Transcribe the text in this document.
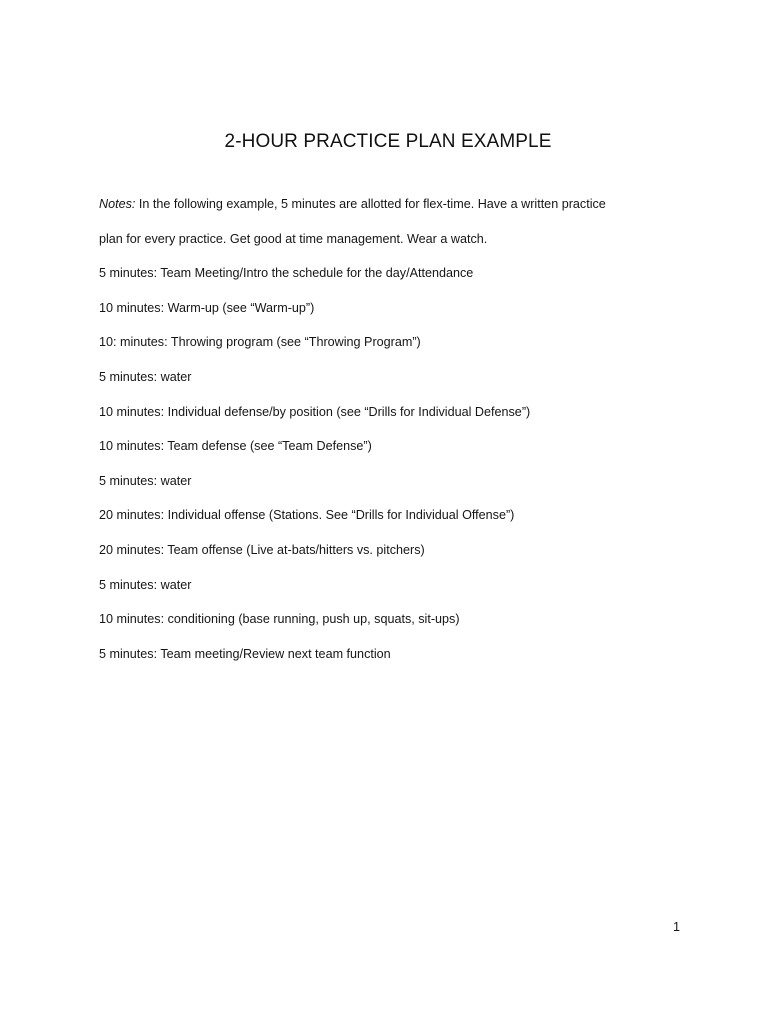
2-HOUR PRACTICE PLAN EXAMPLE
Notes: In the following example, 5 minutes are allotted for flex-time. Have a written practice
plan for every practice. Get good at time management. Wear a watch.
5 minutes: Team Meeting/Intro the schedule for the day/Attendance
10 minutes: Warm-up (see “Warm-up”)
10: minutes: Throwing program (see “Throwing Program”)
5 minutes: water
10 minutes: Individual defense/by position (see “Drills for Individual Defense”)
10 minutes: Team defense (see “Team Defense”)
5 minutes: water
20 minutes: Individual offense (Stations. See “Drills for Individual Offense”)
20 minutes: Team offense (Live at-bats/hitters vs. pitchers)
5 minutes: water
10 minutes: conditioning (base running, push up, squats, sit-ups)
5 minutes: Team meeting/Review next team function
1
